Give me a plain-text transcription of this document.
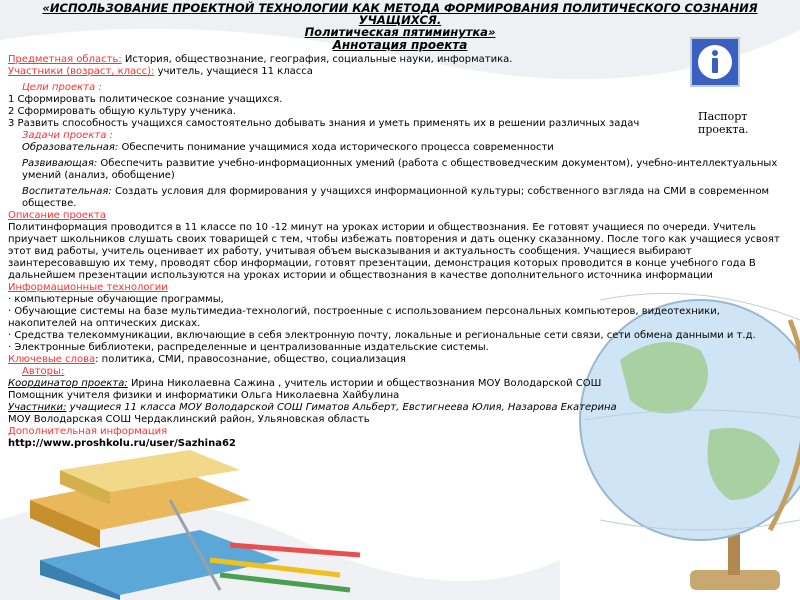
Паспорт
проекта.
«ИСПОЛЬЗОВАНИЕ ПРОЕКТНОЙ ТЕХНОЛОГИИ КАК МЕТОДА ФОРМИРОВАНИЯ ПОЛИТИЧЕСКОГО СОЗНАНИЯ УЧАЩИХСЯ.
Политическая пятиминутка»
Аннотация проекта
Предметная область: История, обществознание, география, социальные науки, информатика.
Участники (возраст, класс): учитель, учащиеся 11 класса
Цели проекта :
1 Сформировать политическое сознание учащихся.
2 Сформировать общую культуру ученика.
3 Развить способность учащихся самостоятельно добывать знания и уметь применять их в решении различных задач
Задачи проекта :
Образовательная: Обеспечить понимание учащимися хода исторического процесса современности
Развивающая: Обеспечить развитие учебно-информационных умений (работа с обществоведческим документом), учебно-интеллектуальных умений (анализ, обобщение)
Воспитательная: Создать условия для формирования у учащихся информационной культуры; собственного взгляда на СМИ в современном обществе.
Описание проекта
Политинформация проводится в 11 классе по 10 -12 минут на уроках истории и обществознания. Ее готовят учащиеся по очереди. Учитель приучает школьников слушать своих товарищей с тем, чтобы избежать повторения и дать оценку сказанному. После того как учащиеся усвоят этот вид работы, учитель оценивает их работу, учитывая объем высказывания и актуальность сообщения. Учащиеся выбирают заинтересовавшую их тему, проводят сбор информации, готовят презентации, демонстрация которых проводится в конце учебного года В дальнейшем презентации используются на уроках истории и обществознания в качестве дополнительного источника информации
Информационные технологии
· компьютерные обучающие программы,
· Обучающие системы на базе мультимедиа-технологий, построенные с использованием персональных компьютеров, видеотехники, накопителей на оптических дисках.
· Средства телекоммуникации, включающие в себя электронную почту, локальные и региональные сети связи, сети обмена данными и т.д.
· Электронные библиотеки, распределенные и централизованные издательские системы.
Ключевые слова: политика, СМИ, правосознание, общество, социализация
Авторы:
Координатор проекта: Ирина Николаевна Сажина , учитель истории и обществознания МОУ Володарской СОШ
Помощник учителя физики и информатики Ольга Николаевна Хайбулина
Участники: учащиеся 11 класса МОУ Володарской СОШ Гиматов Альберт, Евстигнеева Юлия, Назарова Екатерина
МОУ Володарская СОШ Чердаклинский район, Ульяновская область
Дополнительная информация
http://www.proshkolu.ru/user/Sazhina62
